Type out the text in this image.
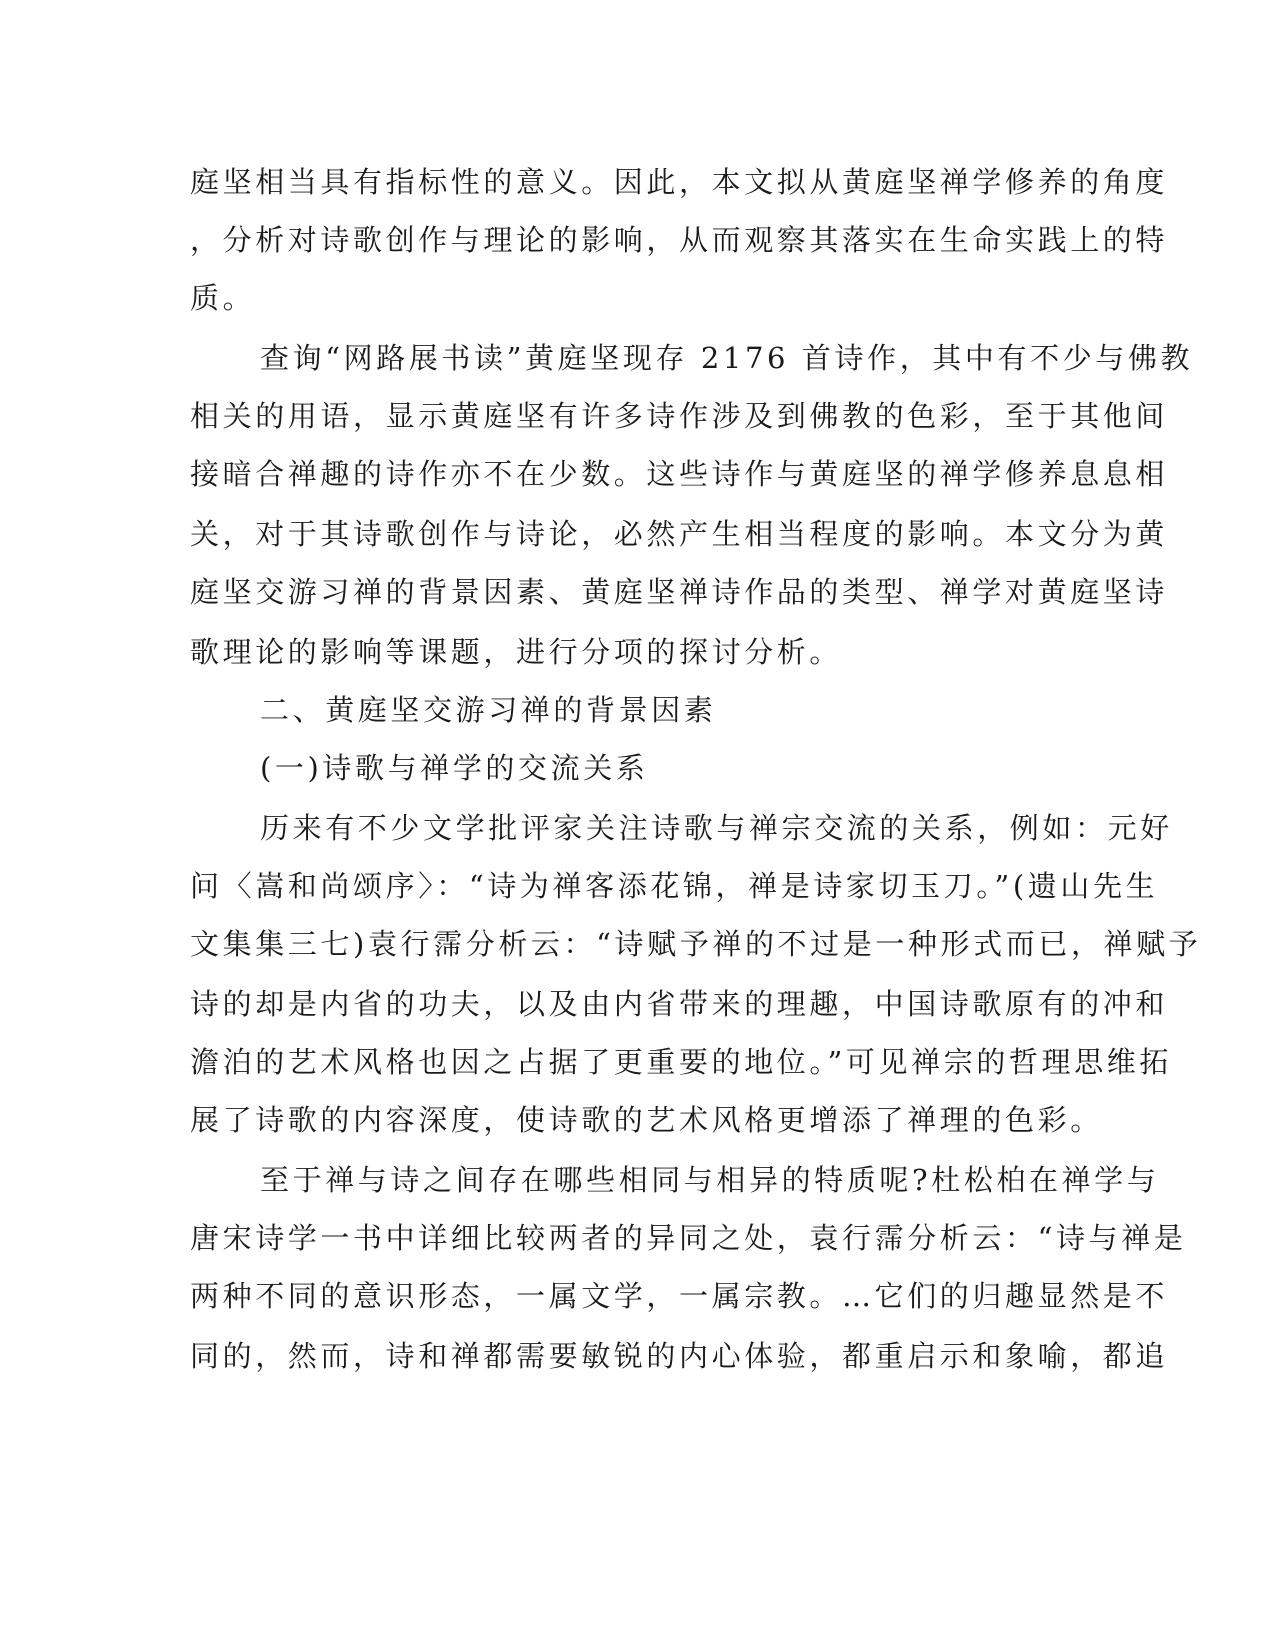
庭坚相当具有指标性的意义。因此，本文拟从黄庭坚禅学修养的角度
，分析对诗歌创作与理论的影响，从而观察其落实在生命实践上的特
质。
查询“网路展书读”黄庭坚现存 2176 首诗作，其中有不少与佛教
相关的用语，显示黄庭坚有许多诗作涉及到佛教的色彩，至于其他间
接暗合禅趣的诗作亦不在少数。这些诗作与黄庭坚的禅学修养息息相
关，对于其诗歌创作与诗论，必然产生相当程度的影响。本文分为黄
庭坚交游习禅的背景因素、黄庭坚禅诗作品的类型、禅学对黄庭坚诗
歌理论的影响等课题，进行分项的探讨分析。
二、黄庭坚交游习禅的背景因素
(一)诗歌与禅学的交流关系
历来有不少文学批评家关注诗歌与禅宗交流的关系，例如：元好
问〈嵩和尚颂序〉：“诗为禅客添花锦，禅是诗家切玉刀。”(遗山先生
文集集三七)袁行霈分析云：“诗赋予禅的不过是一种形式而已，禅赋予
诗的却是内省的功夫，以及由内省带来的理趣，中国诗歌原有的冲和
澹泊的艺术风格也因之占据了更重要的地位。”可见禅宗的哲理思维拓
展了诗歌的内容深度，使诗歌的艺术风格更增添了禅理的色彩。
至于禅与诗之间存在哪些相同与相异的特质呢?杜松柏在禅学与
唐宋诗学一书中详细比较两者的异同之处，袁行霈分析云：“诗与禅是
两种不同的意识形态，一属文学，一属宗教。…它们的归趣显然是不
同的，然而，诗和禅都需要敏锐的内心体验，都重启示和象喻，都追
